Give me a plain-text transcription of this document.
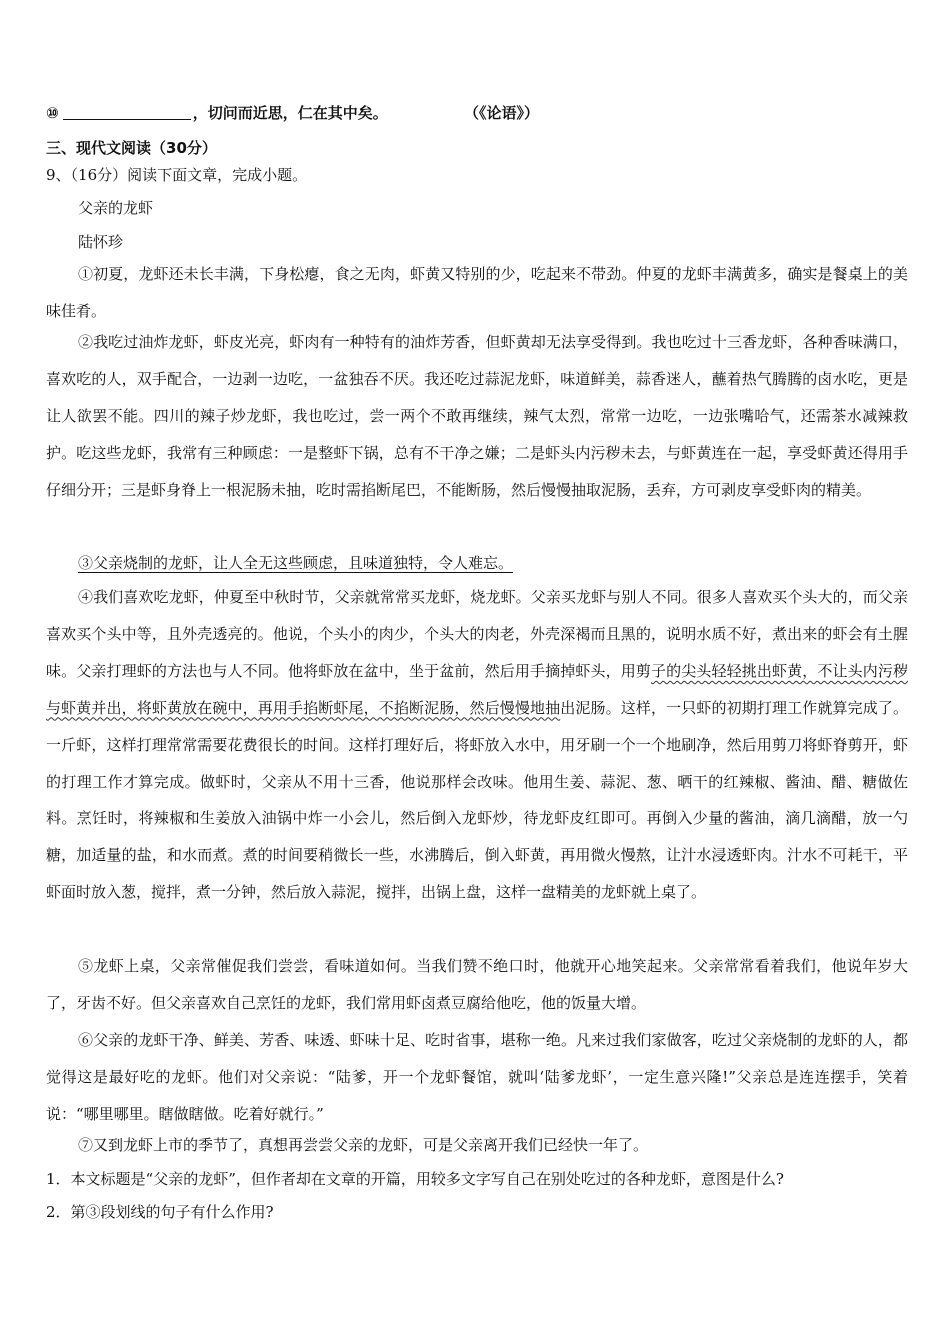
⑩	，切问而近思，仁在其中矣。	（《论语》）
三、现代文阅读（30分）
9、（16分）阅读下面文章，完成小题。
父亲的龙虾
陆怀珍
①初夏，龙虾还未长丰满，下身松瘪，食之无肉，虾黄又特别的少，吃起来不带劲。仲夏的龙虾丰满黄多，确实是餐桌上的美味佳肴。
②我吃过油炸龙虾，虾皮光亮，虾肉有一种特有的油炸芳香，但虾黄却无法享受得到。我也吃过十三香龙虾，各种香味满口，喜欢吃的人，双手配合，一边剥一边吃，一盆独吞不厌。我还吃过蒜泥龙虾，味道鲜美，蒜香迷人，蘸着热气腾腾的卤水吃，更是让人欲罢不能。四川的辣子炒龙虾，我也吃过，尝一两个不敢再继续，辣气太烈，常常一边吃，一边张嘴哈气，还需茶水减辣救护。吃这些龙虾，我常有三种顾虑：一是整虾下锅，总有不干净之嫌；二是虾头内污秽未去，与虾黄连在一起，享受虾黄还得用手仔细分开；三是虾身脊上一根泥肠未抽，吃时需掐断尾巴，不能断肠，然后慢慢抽取泥肠，丢弃，方可剥皮享受虾肉的精美。
③父亲烧制的龙虾，让人全无这些顾虑，且味道独特，令人难忘。
④我们喜欢吃龙虾，仲夏至中秋时节，父亲就常常买龙虾，烧龙虾。父亲买龙虾与别人不同。很多人喜欢买个头大的，而父亲喜欢买个头中等，且外壳透亮的。他说，个头小的肉少，个头大的肉老，外壳深褐而且黑的，说明水质不好，煮出来的虾会有土腥味。父亲打理虾的方法也与人不同。他将虾放在盆中，坐于盆前，然后用手摘掉虾头，用剪子的尖头轻轻挑出虾黄，不让头内污秽与虾黄并出，将虾黄放在碗中，再用手掐断虾尾，不掐断泥肠，然后慢慢地抽出泥肠。这样，一只虾的初期打理工作就算完成了。一斤虾，这样打理常常需要花费很长的时间。这样打理好后，将虾放入水中，用牙刷一个一个地刷净，然后用剪刀将虾脊剪开，虾的打理工作才算完成。做虾时，父亲从不用十三香，他说那样会改味。他用生姜、蒜泥、葱、晒干的红辣椒、酱油、醋、糖做佐料。烹饪时，将辣椒和生姜放入油锅中炸一小会儿，然后倒入龙虾炒，待龙虾皮红即可。再倒入少量的酱油，滴几滴醋，放一勺糖，加适量的盐，和水而煮。煮的时间要稍微长一些，水沸腾后，倒入虾黄，再用微火慢熬，让汁水浸透虾肉。汁水不可耗干，平虾面时放入葱，搅拌，煮一分钟，然后放入蒜泥，搅拌，出锅上盘，这样一盘精美的龙虾就上桌了。
⑤龙虾上桌，父亲常催促我们尝尝，看味道如何。当我们赞不绝口时，他就开心地笑起来。父亲常常看着我们，他说年岁大了，牙齿不好。但父亲喜欢自己烹饪的龙虾，我们常用虾卤煮豆腐给他吃，他的饭量大增。
⑥父亲的龙虾干净、鲜美、芳香、味透、虾味十足、吃时省事，堪称一绝。凡来过我们家做客，吃过父亲烧制的龙虾的人，都觉得这是最好吃的龙虾。他们对父亲说：“陆爹，开一个龙虾餐馆，就叫‘陆爹龙虾’，一定生意兴隆!”父亲总是连连摆手，笑着说：“哪里哪里。瞎做瞎做。吃着好就行。”
⑦又到龙虾上市的季节了，真想再尝尝父亲的龙虾，可是父亲离开我们已经快一年了。
1．本文标题是“父亲的龙虾”，但作者却在文章的开篇，用较多文字写自己在别处吃过的各种龙虾，意图是什么?
2．第③段划线的句子有什么作用?
